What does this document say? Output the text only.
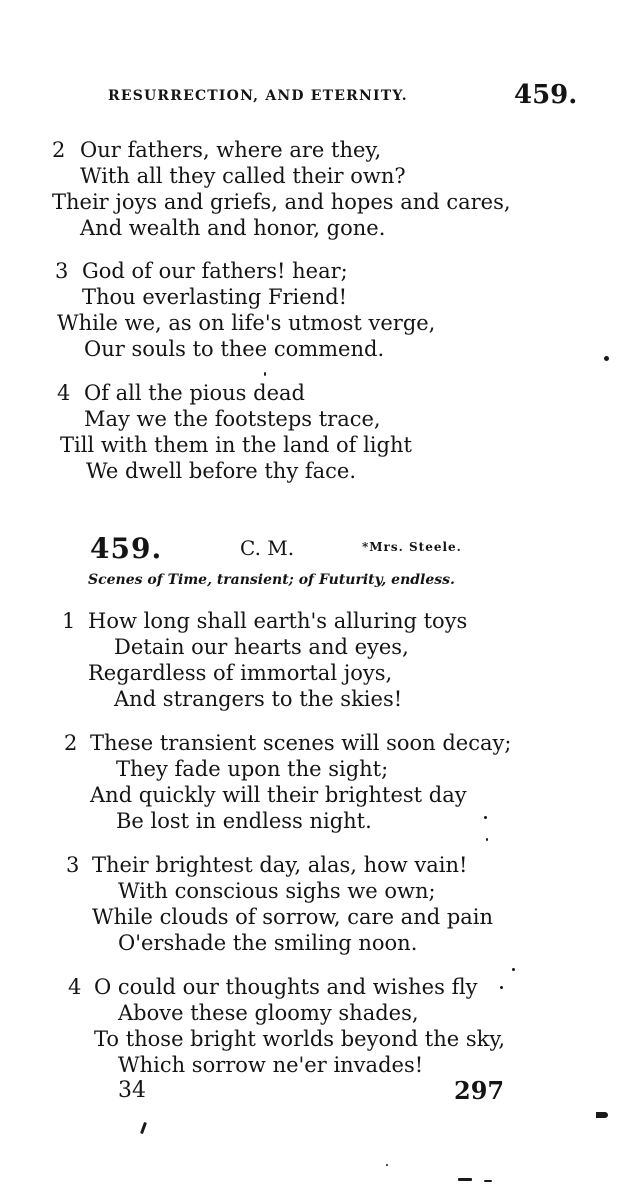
RESURRECTION, AND ETERNITY.	459.
2 Our fathers, where are they,
With all they called their own?
Their joys and griefs, and hopes and cares,
And wealth and honor, gone.
3 God of our fathers! hear;
Thou everlasting Friend!
While we, as on life's utmost verge,
Our souls to thee commend.
4 Of all the pious dead
May we the footsteps trace,
Till with them in the land of light
We dwell before thy face.
459.	C. M.	*Mrs. Steele.
Scenes of Time, transient; of Futurity, endless.
1 How long shall earth's alluring toys
Detain our hearts and eyes,
Regardless of immortal joys,
And strangers to the skies!
2 These transient scenes will soon decay;
They fade upon the sight;
And quickly will their brightest day
Be lost in endless night.
3 Their brightest day, alas, how vain!
With conscious sighs we own;
While clouds of sorrow, care and pain
O'ershade the smiling noon.
4 O could our thoughts and wishes fly
Above these gloomy shades,
To those bright worlds beyond the sky,
Which sorrow ne'er invades!
34	297
